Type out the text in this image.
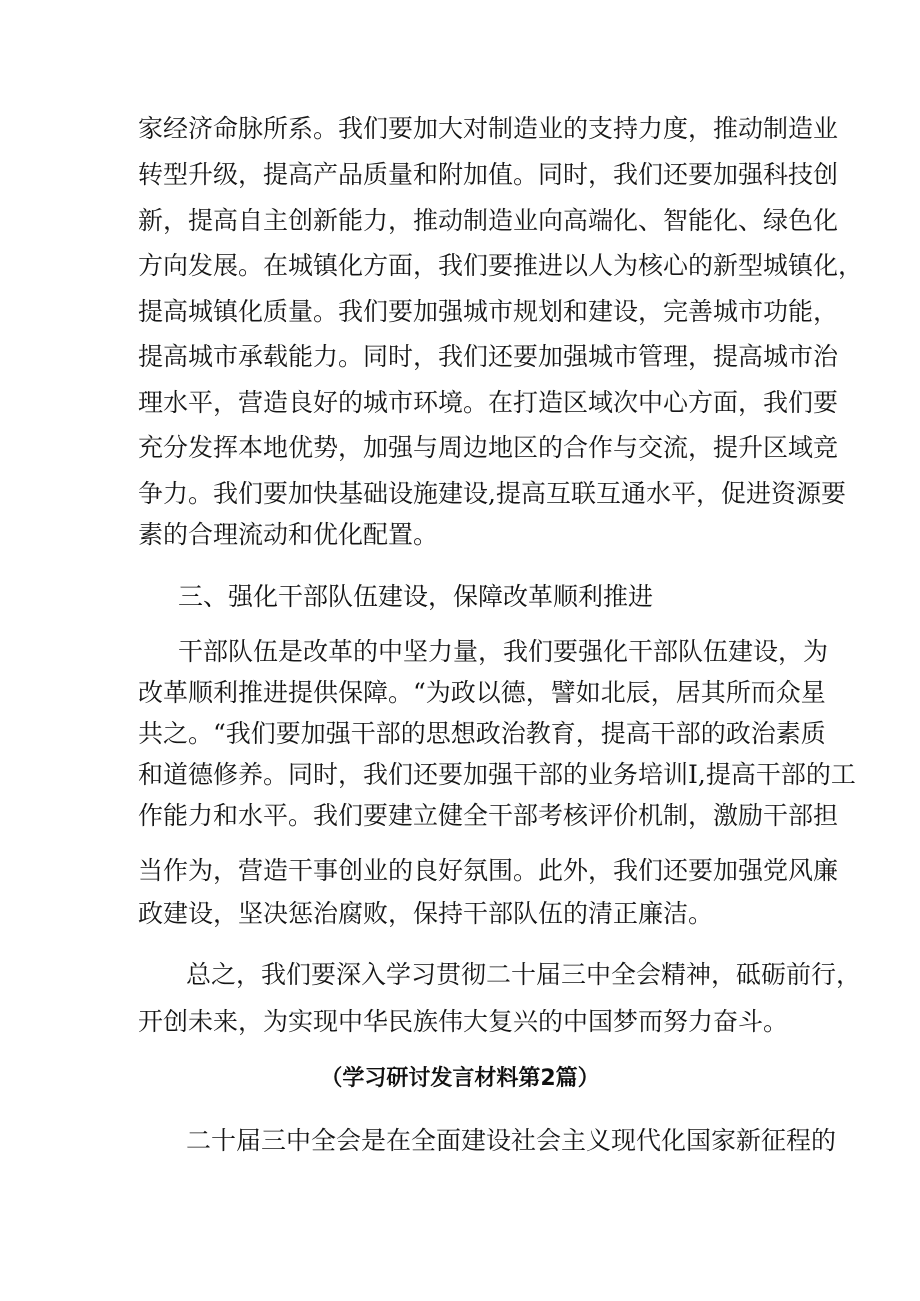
家经济命脉所系。我们要加大对制造业的支持力度，推动制造业
转型升级，提高产品质量和附加值。同时，我们还要加强科技创
新，提高自主创新能力，推动制造业向高端化、智能化、绿色化
方向发展。在城镇化方面，我们要推进以人为核心的新型城镇化，
提高城镇化质量。我们要加强城市规划和建设，完善城市功能，
提高城市承载能力。同时，我们还要加强城市管理，提高城市治
理水平，营造良好的城市环境。在打造区域次中心方面，我们要
充分发挥本地优势，加强与周边地区的合作与交流，提升区域竞
争力。我们要加快基础设施建设,提高互联互通水平，促进资源要
素的合理流动和优化配置。
三、强化干部队伍建设，保障改革顺利推进
干部队伍是改革的中坚力量，我们要强化干部队伍建设，为
改革顺利推进提供保障。“为政以德，譬如北辰，居其所而众星
共之。“我们要加强干部的思想政治教育，提高干部的政治素质
和道德修养。同时，我们还要加强干部的业务培训I,提高干部的工
作能力和水平。我们要建立健全干部考核评价机制，激励干部担
当作为，营造干事创业的良好氛围。此外，我们还要加强党风廉
政建设，坚决惩治腐败，保持干部队伍的清正廉洁。
总之，我们要深入学习贯彻二十届三中全会精神，砥砺前行，
开创未来，为实现中华民族伟大复兴的中国梦而努力奋斗。
（学习研讨发言材料第2篇）
二十届三中全会是在全面建设社会主义现代化国家新征程的
